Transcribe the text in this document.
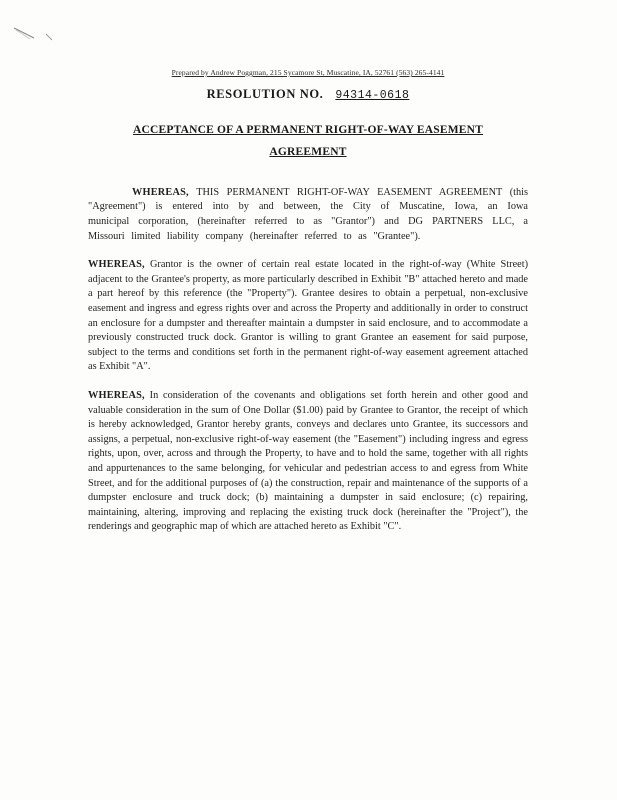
Prepared by Andrew Poggman, 215 Sycamore St, Muscatine, IA, 52761 (563) 265-4141
RESOLUTION NO. 94314-0618
ACCEPTANCE OF A PERMANENT RIGHT-OF-WAY EASEMENT
AGREEMENT

WHEREAS, THIS PERMANENT RIGHT-OF-WAY EASEMENT AGREEMENT (this "Agreement") is entered into by and between, the City of Muscatine, Iowa, an Iowa municipal corporation, (hereinafter referred to as "Grantor") and DG PARTNERS LLC, a Missouri limited liability company (hereinafter referred to as "Grantee").

WHEREAS, Grantor is the owner of certain real estate located in the right-of-way (White Street) adjacent to the Grantee's property, as more particularly described in Exhibit "B" attached hereto and made a part hereof by this reference (the "Property"). Grantee desires to obtain a perpetual, non-exclusive easement and ingress and egress rights over and across the Property and additionally in order to construct an enclosure for a dumpster and thereafter maintain a dumpster in said enclosure, and to accommodate a previously constructed truck dock. Grantor is willing to grant Grantee an easement for said purpose, subject to the terms and conditions set forth in the permanent right-of-way easement agreement attached as Exhibit "A".

WHEREAS, In consideration of the covenants and obligations set forth herein and other good and valuable consideration in the sum of One Dollar ($1.00) paid by Grantee to Grantor, the receipt of which is hereby acknowledged, Grantor hereby grants, conveys and declares unto Grantee, its successors and assigns, a perpetual, non-exclusive right-of-way easement (the "Easement") including ingress and egress rights, upon, over, across and through the Property, to have and to hold the same, together with all rights and appurtenances to the same belonging, for vehicular and pedestrian access to and egress from White Street, and for the additional purposes of (a) the construction, repair and maintenance of the supports of a dumpster enclosure and truck dock; (b) maintaining a dumpster in said enclosure; (c) repairing, maintaining, altering, improving and replacing the existing truck dock (hereinafter the "Project"), the renderings and geographic map of which are attached hereto as Exhibit "C".
